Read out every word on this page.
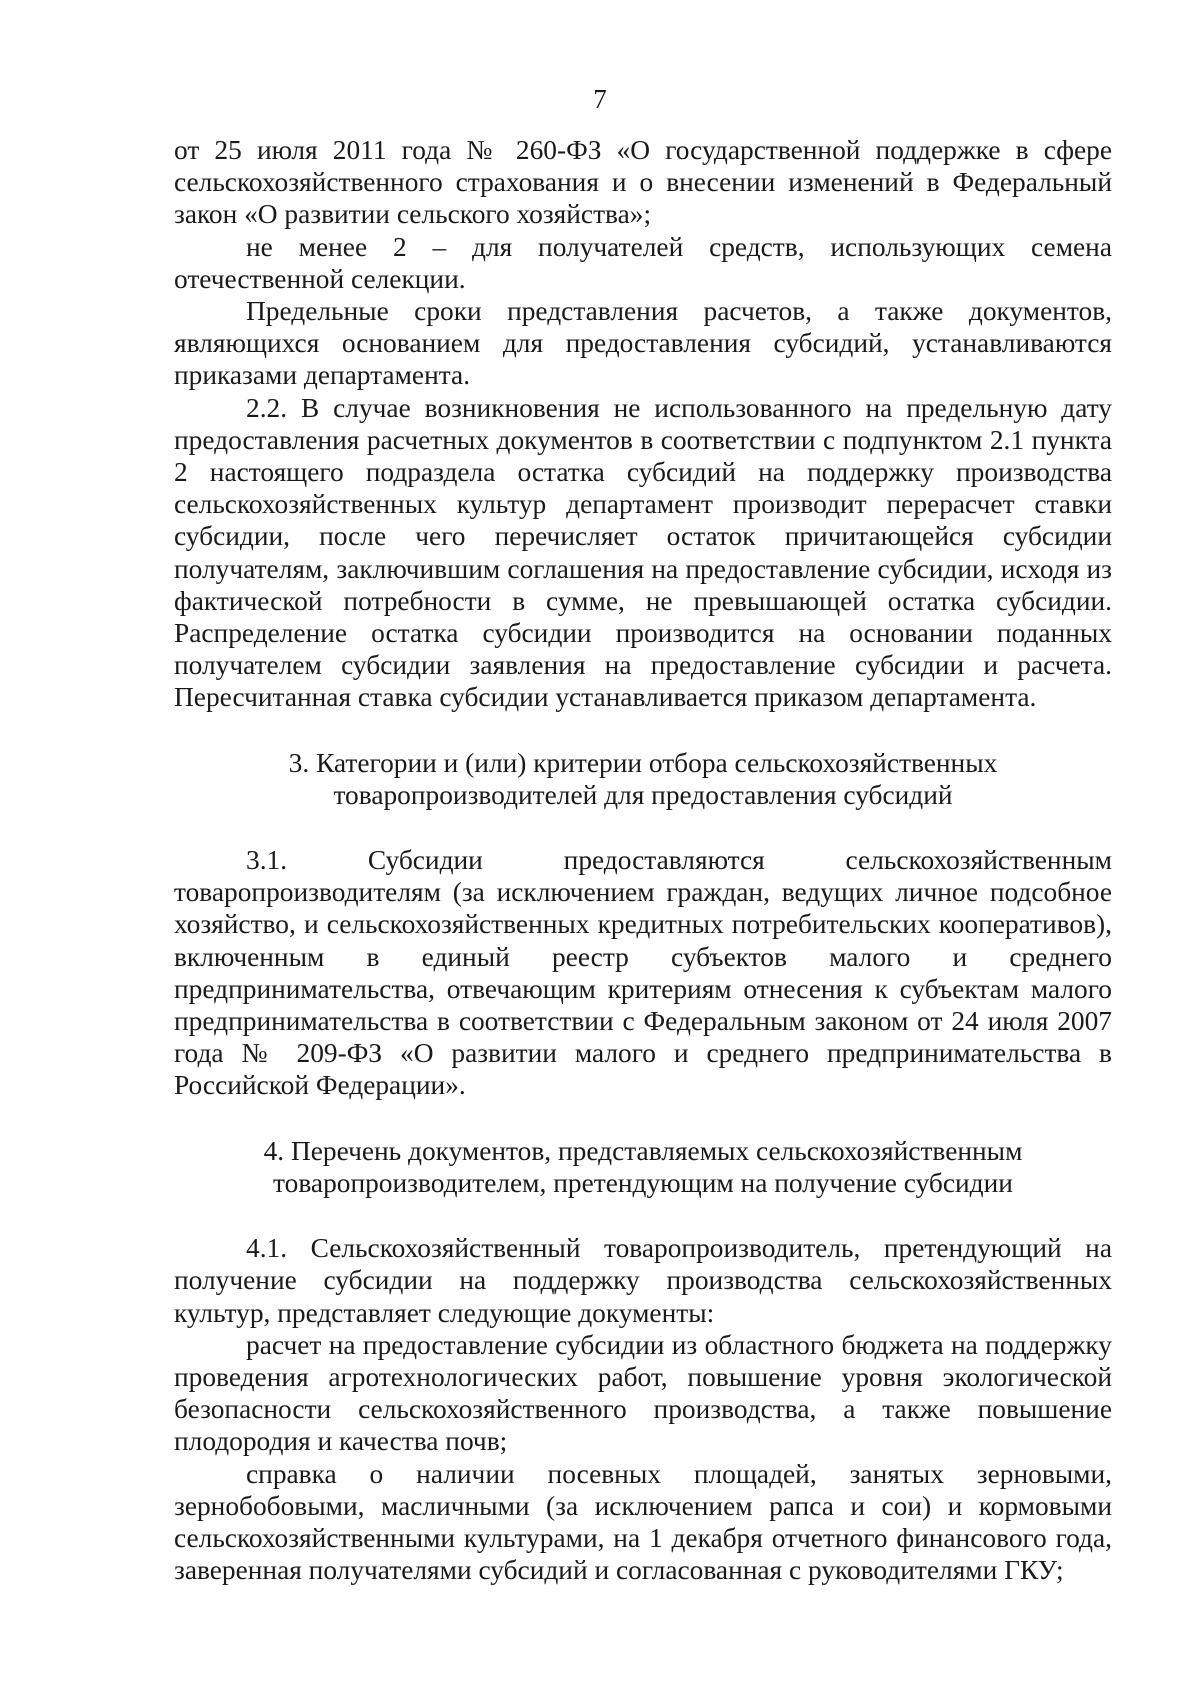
7

от 25 июля 2011 года № 260-ФЗ «О государственной поддержке в сфере сельскохозяйственного страхования и о внесении изменений в Федеральный закон «О развитии сельского хозяйства»;

не менее 2 – для получателей средств, использующих семена отечественной селекции.

Предельные сроки представления расчетов, а также документов, являющихся основанием для предоставления субсидий, устанавливаются приказами департамента.

2.2. В случае возникновения не использованного на предельную дату предоставления расчетных документов в соответствии с подпунктом 2.1 пункта 2 настоящего подраздела остатка субсидий на поддержку производства сельскохозяйственных культур департамент производит перерасчет ставки субсидии, после чего перечисляет остаток причитающейся субсидии получателям, заключившим соглашения на предоставление субсидии, исходя из фактической потребности в сумме, не превышающей остатка субсидии. Распределение остатка субсидии производится на основании поданных получателем субсидии заявления на предоставление субсидии и расчета. Пересчитанная ставка субсидии устанавливается приказом департамента.

3. Категории и (или) критерии отбора сельскохозяйственных
товаропроизводителей для предоставления субсидий

3.1. Субсидии предоставляются сельскохозяйственным товаропроизводителям (за исключением граждан, ведущих личное подсобное хозяйство, и сельскохозяйственных кредитных потребительских кооперативов), включенным в единый реестр субъектов малого и среднего предпринимательства, отвечающим критериям отнесения к субъектам малого предпринимательства в соответствии с Федеральным законом от 24 июля 2007 года № 209-ФЗ «О развитии малого и среднего предпринимательства в Российской Федерации».

4. Перечень документов, представляемых сельскохозяйственным
товаропроизводителем, претендующим на получение субсидии

4.1. Сельскохозяйственный товаропроизводитель, претендующий на получение субсидии на поддержку производства сельскохозяйственных культур, представляет следующие документы:

расчет на предоставление субсидии из областного бюджета на поддержку проведения агротехнологических работ, повышение уровня экологической безопасности сельскохозяйственного производства, а также повышение плодородия и качества почв;

справка о наличии посевных площадей, занятых зерновыми, зернобобовыми, масличными (за исключением рапса и сои) и кормовыми сельскохозяйственными культурами, на 1 декабря отчетного финансового года, заверенная получателями субсидий и согласованная с руководителями ГКУ;
